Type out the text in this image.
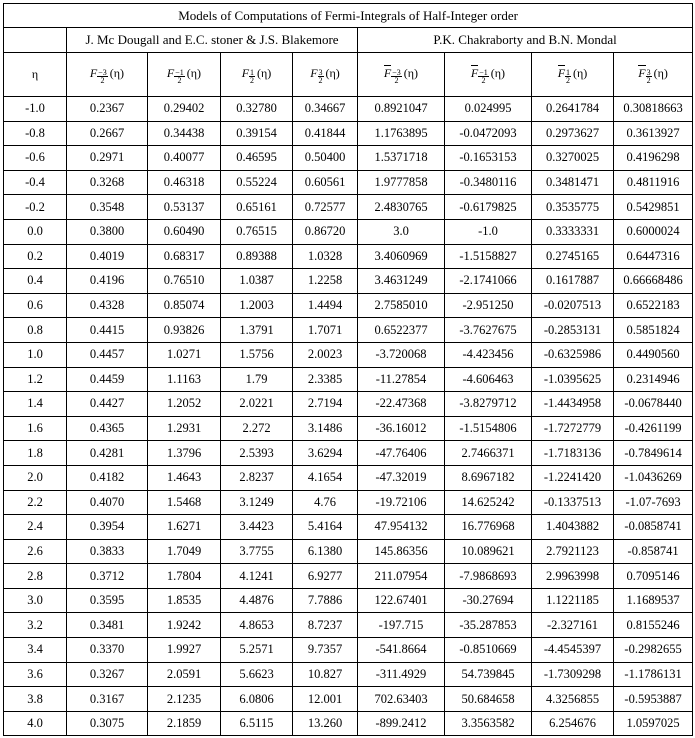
Models of Computations of Fermi-Integrals of Half-Integer order								
	J. Mc Dougall and E.C. stoner & J.S. Blakemore				P.K. Chakraborty and B.N. Mondal			
η	F $\frac{-3}{2} (\eta)$	F $\frac{-1}{2} (\eta)$	F $\frac{1}{2} (\eta)$	F $\frac{3}{2} (\eta)$	F $\frac{-3}{2} (\eta)$	F $\frac{-1}{2} (\eta)$	F $\frac{1}{2} (\eta)$	F $\frac{3}{2} (\eta)$
-1.0	0.2367	0.29402	0.32780	0.34667	0.8921047	0.024995	0.2641784	0.30818663
-0.8	0.2667	0.34438	0.39154	0.41844	1.1763895	-0.0472093	0.2973627	0.3613927
-0.6	0.2971	0.40077	0.46595	0.50400	1.5371718	-0.1653153	0.3270025	0.4196298
-0.4	0.3268	0.46318	0.55224	0.60561	1.9777858	-0.3480116	0.3481471	0.4811916
-0.2	0.3548	0.53137	0.65161	0.72577	2.4830765	-0.6179825	0.3535775	0.5429851
0.0	0.3800	0.60490	0.76515	0.86720	3.0	-1.0	0.3333331	0.6000024
0.2	0.4019	0.68317	0.89388	1.0328	3.4060969	-1.5158827	0.2745165	0.6447316
0.4	0.4196	0.76510	1.0387	1.2258	3.4631249	-2.1741066	0.1617887	0.66668486
0.6	0.4328	0.85074	1.2003	1.4494	2.7585010	-2.951250	-0.0207513	0.6522183
0.8	0.4415	0.93826	1.3791	1.7071	0.6522377	-3.7627675	-0.2853131	0.5851824
1.0	0.4457	1.0271	1.5756	2.0023	-3.720068	-4.423456	-0.6325986	0.4490560
1.2	0.4459	1.1163	1.79	2.3385	-11.27854	-4.606463	-1.0395625	0.2314946
1.4	0.4427	1.2052	2.0221	2.7194	-22.47368	-3.8279712	-1.4434958	-0.0678440
1.6	0.4365	1.2931	2.272	3.1486	-36.16012	-1.5154806	-1.7272779	-0.4261199
1.8	0.4281	1.3796	2.5393	3.6294	-47.76406	2.7466371	-1.7183136	-0.7849614
2.0	0.4182	1.4643	2.8237	4.1654	-47.32019	8.6967182	-1.2241420	-1.0436269
2.2	0.4070	1.5468	3.1249	4.76	-19.72106	14.625242	-0.1337513	-1.07-7693
2.4	0.3954	1.6271	3.4423	5.4164	47.954132	16.776968	1.4043882	-0.0858741
2.6	0.3833	1.7049	3.7755	6.1380	145.86356	10.089621	2.7921123	-0.858741
2.8	0.3712	1.7804	4.1241	6.9277	211.07954	-7.9868693	2.9963998	0.7095146
3.0	0.3595	1.8535	4.4876	7.7886	122.67401	-30.27694	1.1221185	1.1689537
3.2	0.3481	1.9242	4.8653	8.7237	-197.715	-35.287853	-2.327161	0.8155246
3.4	0.3370	1.9927	5.2571	9.7357	-541.8664	-0.8510669	-4.4545397	-0.2982655
3.6	0.3267	2.0591	5.6623	10.827	-311.4929	54.739845	-1.7309298	-1.1786131
3.8	0.3167	2.1235	6.0806	12.001	702.63403	50.684658	4.3256855	-0.5953887
4.0	0.3075	2.1859	6.5115	13.260	-899.2412	3.3563582	6.254676	1.0597025
